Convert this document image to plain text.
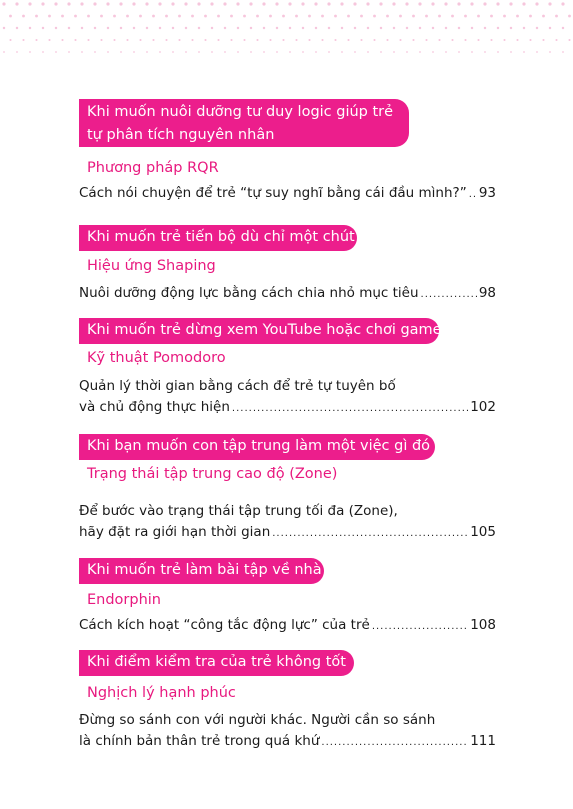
Khi muốn nuôi dưỡng tư duy logic giúp trẻ
tự phân tích nguyên nhân
Phương pháp RQR
Cách nói chuyện để trẻ “tự suy nghĩ bằng cái đầu mình?” ..... 93
Khi muốn trẻ tiến bộ dù chỉ một chút
Hiệu ứng Shaping
Nuôi dưỡng động lực bằng cách chia nhỏ mục tiêu .....	98
Khi muốn trẻ dừng xem YouTube hoặc chơi game
Kỹ thuật Pomodoro
Quản lý thời gian bằng cách để trẻ tự tuyên bố
và chủ động thực hiện .....	102
Khi bạn muốn con tập trung làm một việc gì đó
Trạng thái tập trung cao độ (Zone)
Để bước vào trạng thái tập trung tối đa (Zone),
hãy đặt ra giới hạn thời gian .....	105
Khi muốn trẻ làm bài tập về nhà
Endorphin
Cách kích hoạt “công tắc động lực” của trẻ .....	108
Khi điểm kiểm tra của trẻ không tốt
Nghịch lý hạnh phúc
Đừng so sánh con với người khác. Người cần so sánh
là chính bản thân trẻ trong quá khứ .....	111
